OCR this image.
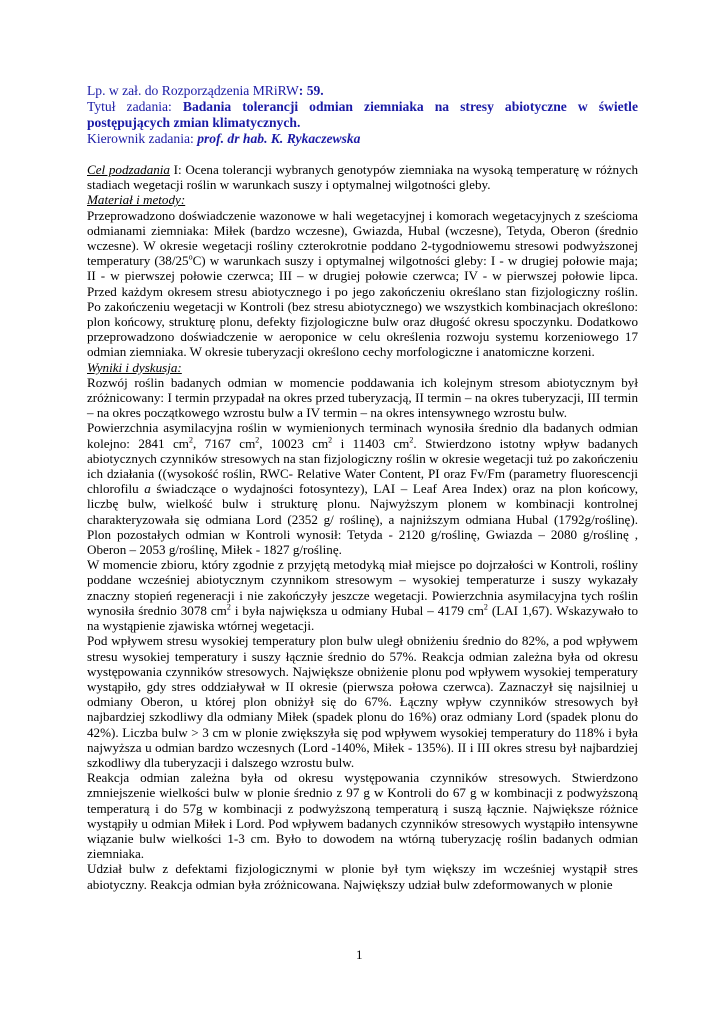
Lp. w zał. do Rozporządzenia MRiRW: 59.
Tytuł zadania: Badania tolerancji odmian ziemniaka na stresy abiotyczne w świetle postępujących zmian klimatycznych.
Kierownik zadania: prof. dr hab. K. Rykaczewska

Cel podzadania I: Ocena tolerancji wybranych genotypów ziemniaka na wysoką temperaturę w różnych stadiach wegetacji roślin w warunkach suszy i optymalnej wilgotności gleby.

Materiał i metody:

Przeprowadzono doświadczenie wazonowe w hali wegetacyjnej i komorach wegetacyjnych z sześcioma odmianami ziemniaka: Miłek (bardzo wczesne), Gwiazda, Hubal (wczesne), Tetyda, Oberon (średnio wczesne). W okresie wegetacji rośliny czterokrotnie poddano 2-tygodniowemu stresowi podwyższonej temperatury (38/25$^o$C) w warunkach suszy i optymalnej wilgotności gleby: I - w drugiej połowie maja; II - w pierwszej połowie czerwca; III – w drugiej połowie czerwca; IV - w pierwszej połowie lipca. Przed każdym okresem stresu abiotycznego i po jego zakończeniu określano stan fizjologiczny roślin. Po zakończeniu wegetacji w Kontroli (bez stresu abiotycznego) we wszystkich kombinacjach określono: plon końcowy, strukturę plonu, defekty fizjologiczne bulw oraz długość okresu spoczynku. Dodatkowo przeprowadzono doświadczenie w aeroponice w celu określenia rozwoju systemu korzeniowego 17 odmian ziemniaka. W okresie tuberyzacji określono cechy morfologiczne i anatomiczne korzeni.

Wyniki i dyskusja:

Rozwój roślin badanych odmian w momencie poddawania ich kolejnym stresom abiotycznym był zróżnicowany: I termin przypadał na okres przed tuberyzacją, II termin – na okres tuberyzacji, III termin – na okres początkowego wzrostu bulw a IV termin – na okres intensywnego wzrostu bulw.

Powierzchnia asymilacyjna roślin w wymienionych terminach wynosiła średnio dla badanych odmian kolejno: 2841 $cm^2$, 7167 $cm^2$, 10023 $cm^2$ i 11403 $cm^2$. Stwierdzono istotny wpływ badanych abiotycznych czynników stresowych na stan fizjologiczny roślin w okresie wegetacji tuż po zakończeniu ich działania ((wysokość roślin, RWC- Relative Water Content, PI oraz Fv/Fm (parametry fluorescencji chlorofilu a świadczące o wydajności fotosyntezy), LAI – Leaf Area Index) oraz na plon końcowy, liczbę bulw, wielkość bulw i strukturę plonu. Najwyższym plonem w kombinacji kontrolnej charakteryzowała się odmiana Lord (2352 g/ roślinę), a najniższym odmiana Hubal (1792g/roślinę). Plon pozostałych odmian w Kontroli wynosił: Tetyda - 2120 g/roślinę, Gwiazda – 2080 g/roślinę , Oberon – 2053 g/roślinę, Miłek - 1827 g/roślinę.

W momencie zbioru, który zgodnie z przyjętą metodyką miał miejsce po dojrzałości w Kontroli, rośliny poddane wcześniej abiotycznym czynnikom stresowym – wysokiej temperaturze i suszy wykazały znaczny stopień regeneracji i nie zakończyły jeszcze wegetacji. Powierzchnia asymilacyjna tych roślin wynosiła średnio 3078 $cm^2$ i była największa u odmiany Hubal – 4179 $cm^2$ (LAI 1,67). Wskazywało to na wystąpienie zjawiska wtórnej wegetacji.

Pod wpływem stresu wysokiej temperatury plon bulw uległ obniżeniu średnio do 82%, a pod wpływem stresu wysokiej temperatury i suszy łącznie średnio do 57%. Reakcja odmian zależna była od okresu występowania czynników stresowych. Największe obniżenie plonu pod wpływem wysokiej temperatury wystąpiło, gdy stres oddziaływał w II okresie (pierwsza połowa czerwca). Zaznaczył się najsilniej u odmiany Oberon, u której plon obniżył się do 67%. Łączny wpływ czynników stresowych był najbardziej szkodliwy dla odmiany Miłek (spadek plonu do 16%) oraz odmiany Lord (spadek plonu do 42%). Liczba bulw > 3 cm w plonie zwiększyła się pod wpływem wysokiej temperatury do 118% i była najwyższa u odmian bardzo wczesnych (Lord -140%, Miłek - 135%). II i III okres stresu był najbardziej szkodliwy dla tuberyzacji i dalszego wzrostu bulw.

Reakcja odmian zależna była od okresu występowania czynników stresowych. Stwierdzono zmniejszenie wielkości bulw w plonie średnio z 97 g w Kontroli do 67 g w kombinacji z podwyższoną temperaturą i do 57g w kombinacji z podwyższoną temperaturą i suszą łącznie. Największe różnice wystąpiły u odmian Miłek i Lord. Pod wpływem badanych czynników stresowych wystąpiło intensywne wiązanie bulw wielkości 1-3 cm. Było to dowodem na wtórną tuberyzację roślin badanych odmian ziemniaka.

Udział bulw z defektami fizjologicznymi w plonie był tym większy im wcześniej wystąpił stres abiotyczny. Reakcja odmian była zróżnicowana. Największy udział bulw zdeformowanych w plonie

1
